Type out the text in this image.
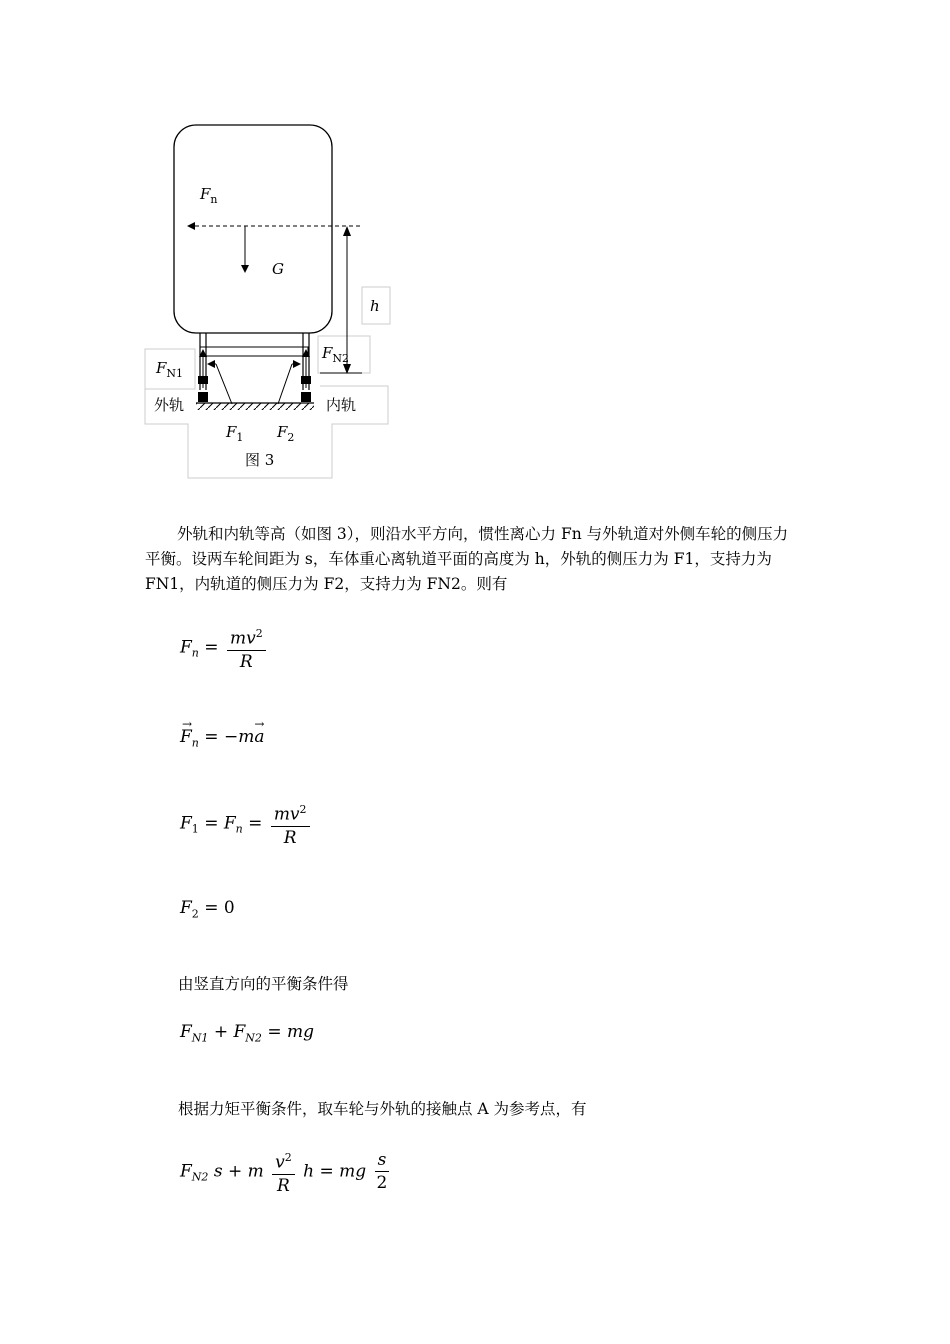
$F_n$
G
h
$F_{N1}$
$F_{N2}$
外轨	内轨
$F_1$ $F_2$
图 3

外轨和内轨等高（如图 3），则沿水平方向，惯性离心力 Fn 与外轨道对外侧车轮的侧压力

平衡。设两车轮间距为 s，车体重心离轨道平面的高度为 h，外轨的侧压力为 F1，支持力为

FN1，内轨道的侧压力为 F2，支持力为 FN2。则有

$F_n = \frac{mv^2}{R}$
F
→
$_n$ = −ma
→
$F_1 = F_n = \frac{mv^2}{R}$
$F_2 = 0$
由竖直方向的平衡条件得
$F_{N1} + F_{N2}$ = mg
根据力矩平衡条件，取车轮与外轨的接触点 A 为参考点，有
$F_{N2}$ s + m $\frac{v^2}{R}$ h = mg $\frac{s}{2}$
